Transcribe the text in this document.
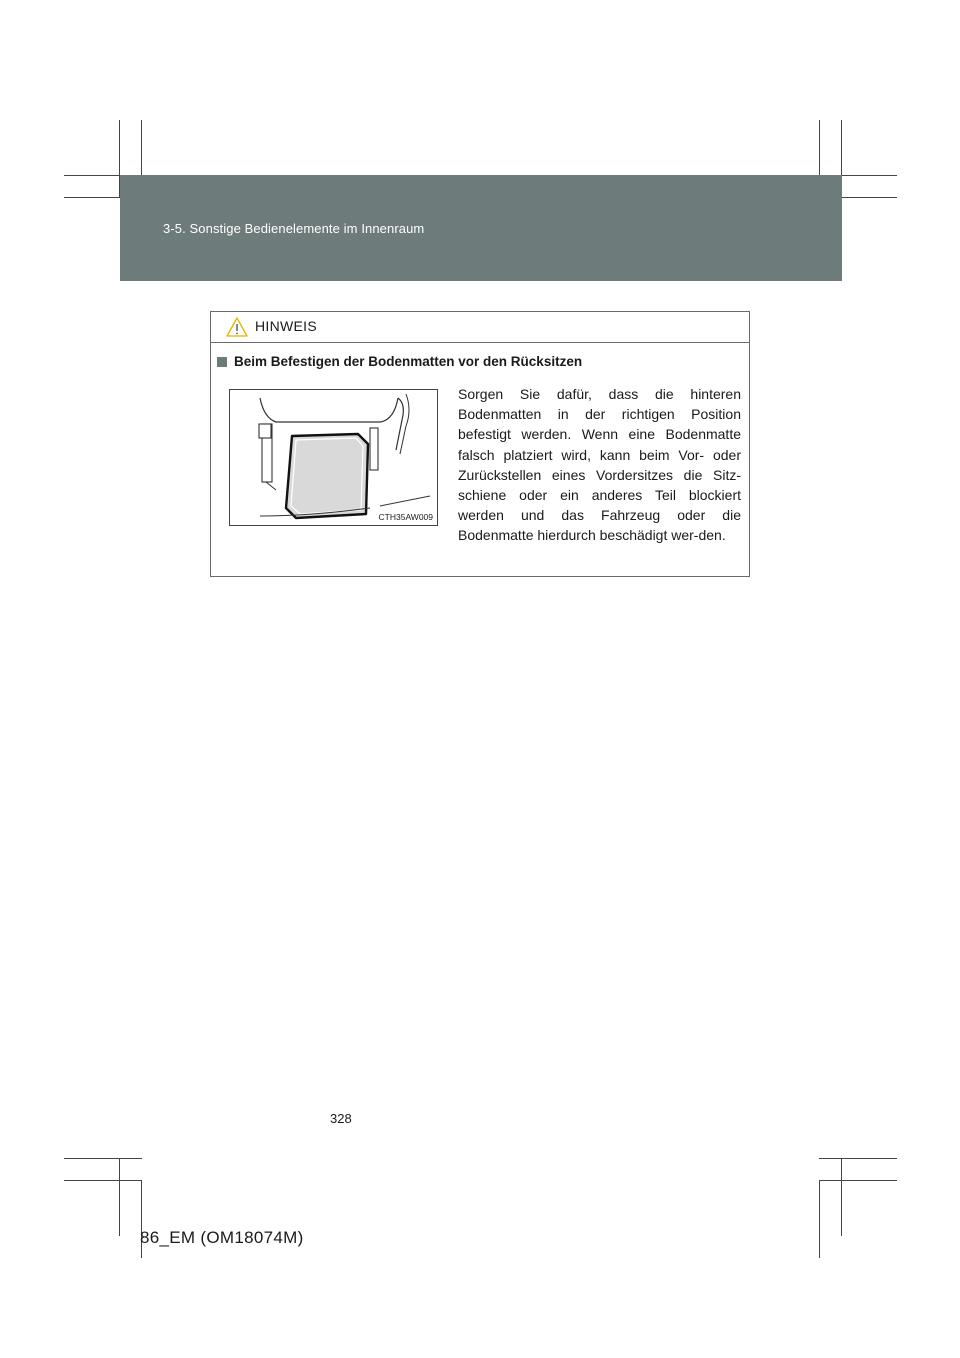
3-5. Sonstige Bedienelemente im Innenraum
HINWEIS
Beim Befestigen der Bodenmatten vor den Rücksitzen
CTH35AW009
Sorgen Sie dafür, dass die hinteren Bodenmatten in der richtigen Position befestigt werden. Wenn eine Bodenmatte falsch platziert wird, kann beim Vor- oder Zurückstellen eines Vordersitzes die Sitz-schiene oder ein anderes Teil blockiert werden und das Fahrzeug oder die Bodenmatte hierdurch beschädigt wer-den.
328
86_EM (OM18074M)
